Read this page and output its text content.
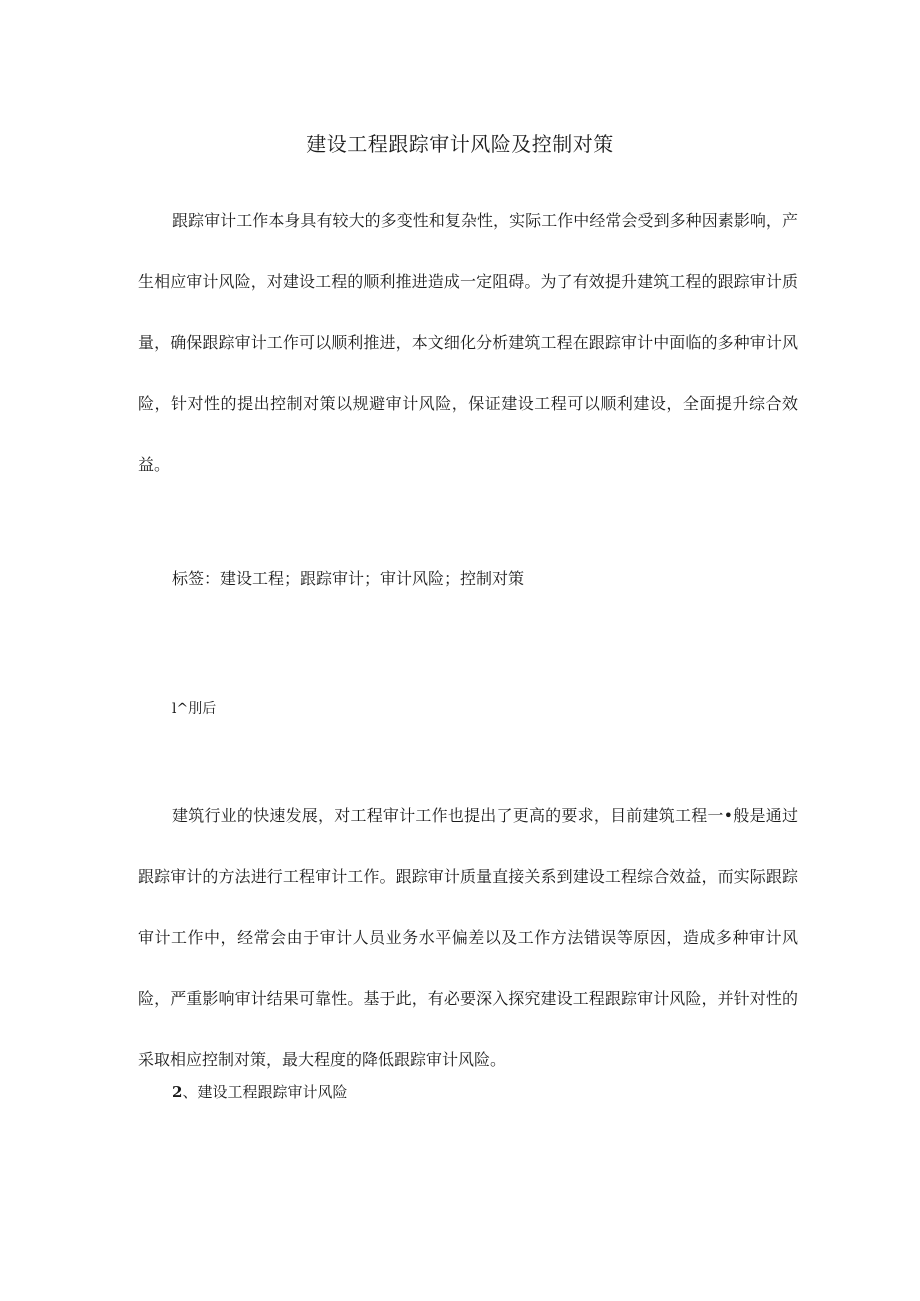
建设工程跟踪审计风险及控制对策

跟踪审计工作本身具有较大的多变性和复杂性，实际工作中经常会受到多种因素影响，产生相应审计风险，对建设工程的顺利推进造成一定阻碍。为了有效提升建筑工程的跟踪审计质量，确保跟踪审计工作可以顺利推进，本文细化分析建筑工程在跟踪审计中面临的多种审计风险，针对性的提出控制对策以规避审计风险，保证建设工程可以顺利建设，全面提升综合效益。

标签：建设工程；跟踪审计；审计风险；控制对策

l^刖后

建筑行业的快速发展，对工程审计工作也提出了更高的要求，目前建筑工程一•般是通过跟踪审计的方法进行工程审计工作。跟踪审计质量直接关系到建设工程综合效益，而实际跟踪审计工作中，经常会由于审计人员业务水平偏差以及工作方法错误等原因，造成多种审计风险，严重影响审计结果可靠性。基于此，有必要深入探究建设工程跟踪审计风险，并针对性的采取相应控制对策，最大程度的降低跟踪审计风险。

2、建设工程跟踪审计风险
